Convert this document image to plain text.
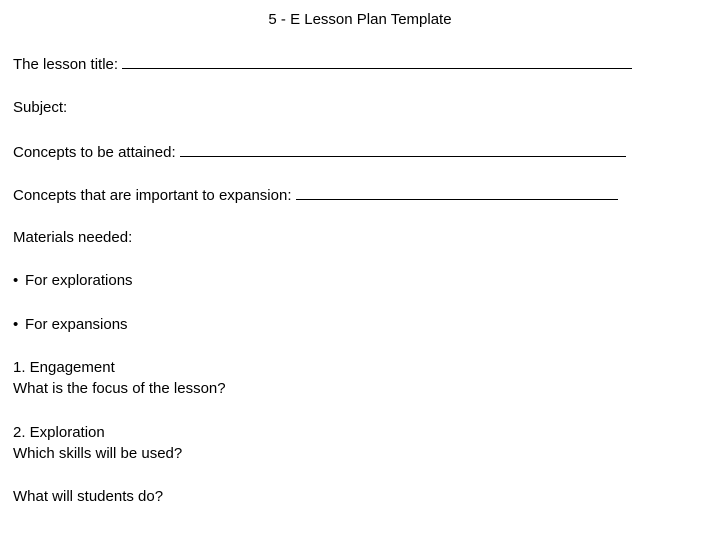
5 - E Lesson Plan Template
The lesson title:
Subject:
Concepts to be attained:
Concepts that are important to expansion:
Materials needed:
• For explorations
• For expansions
1. Engagement
What is the focus of the lesson?
2. Exploration
Which skills will be used?
What will students do?
